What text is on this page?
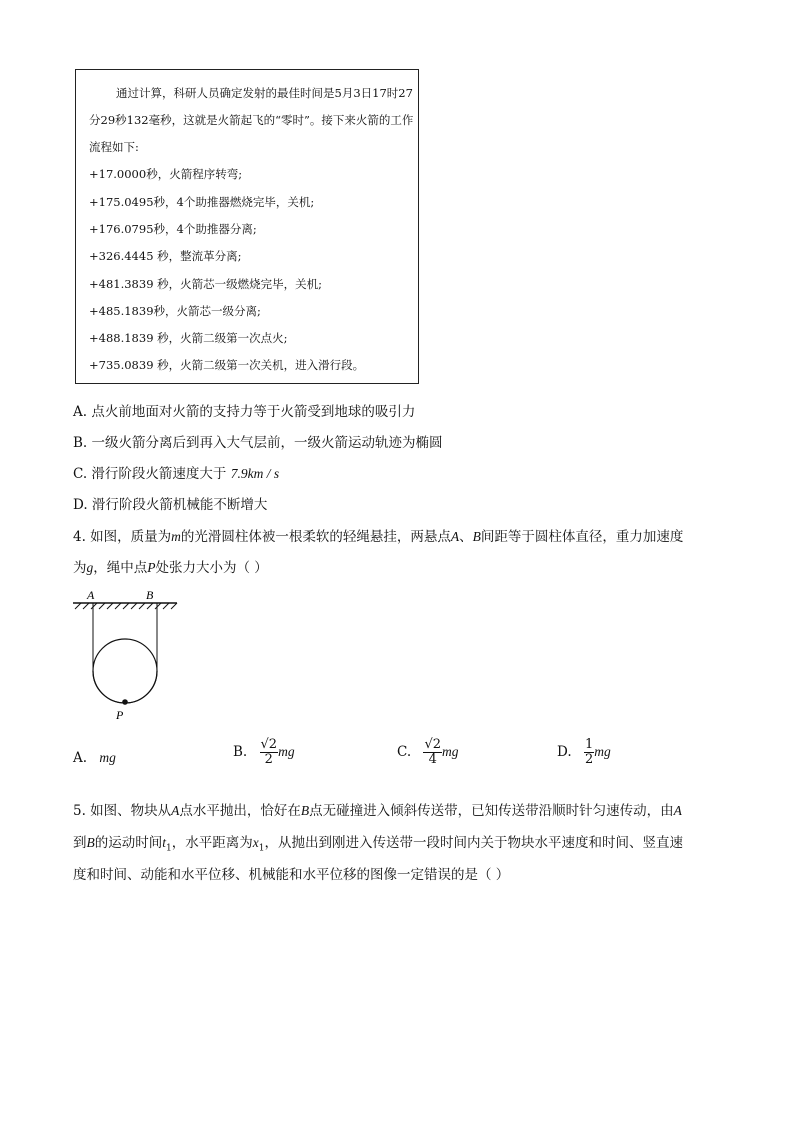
通过计算，科研人员确定发射的最佳时间是5月3日17时27
分29秒132毫秒，这就是火箭起飞的“零时”。接下来火箭的工作
流程如下:
+17.0000秒，火箭程序转弯;
+175.0495秒，4个助推器燃烧完毕，关机;
+176.0795秒，4个助推器分离;
+326.4445 秒，整流革分离;
+481.3839 秒，火箭芯一级燃烧完毕，关机;
+485.1839秒，火箭芯一级分离;
+488.1839 秒，火箭二级第一次点火;
+735.0839 秒，火箭二级第一次关机，进入滑行段。
A. 点火前地面对火箭的支持力等于火箭受到地球的吸引力
B. 一级火箭分离后到再入大气层前，一级火箭运动轨迹为椭圆
C. 滑行阶段火箭速度大于 7.9km / s
D. 滑行阶段火箭机械能不断增大
4. 如图，质量为m的光滑圆柱体被一根柔软的轻绳悬挂，两悬点A、B间距等于圆柱体直径，重力加速度
为g，绳中点P处张力大小为（ ）
A	B
P
A. mg	B. $\frac{√2}{2}$ mg	C. $\frac{√2}{4}$ mg	D. $\frac{1}{2}$ mg
5. 如图、物块从A点水平抛出，恰好在B点无碰撞进入倾斜传送带，已知传送带沿顺时针匀速传动，由A
到B的运动时间$t_1$，水平距离为$x_1$，从抛出到刚进入传送带一段时间内关于物块水平速度和时间、竖直速
度和时间、动能和水平位移、机械能和水平位移的图像一定错误的是（ ）
